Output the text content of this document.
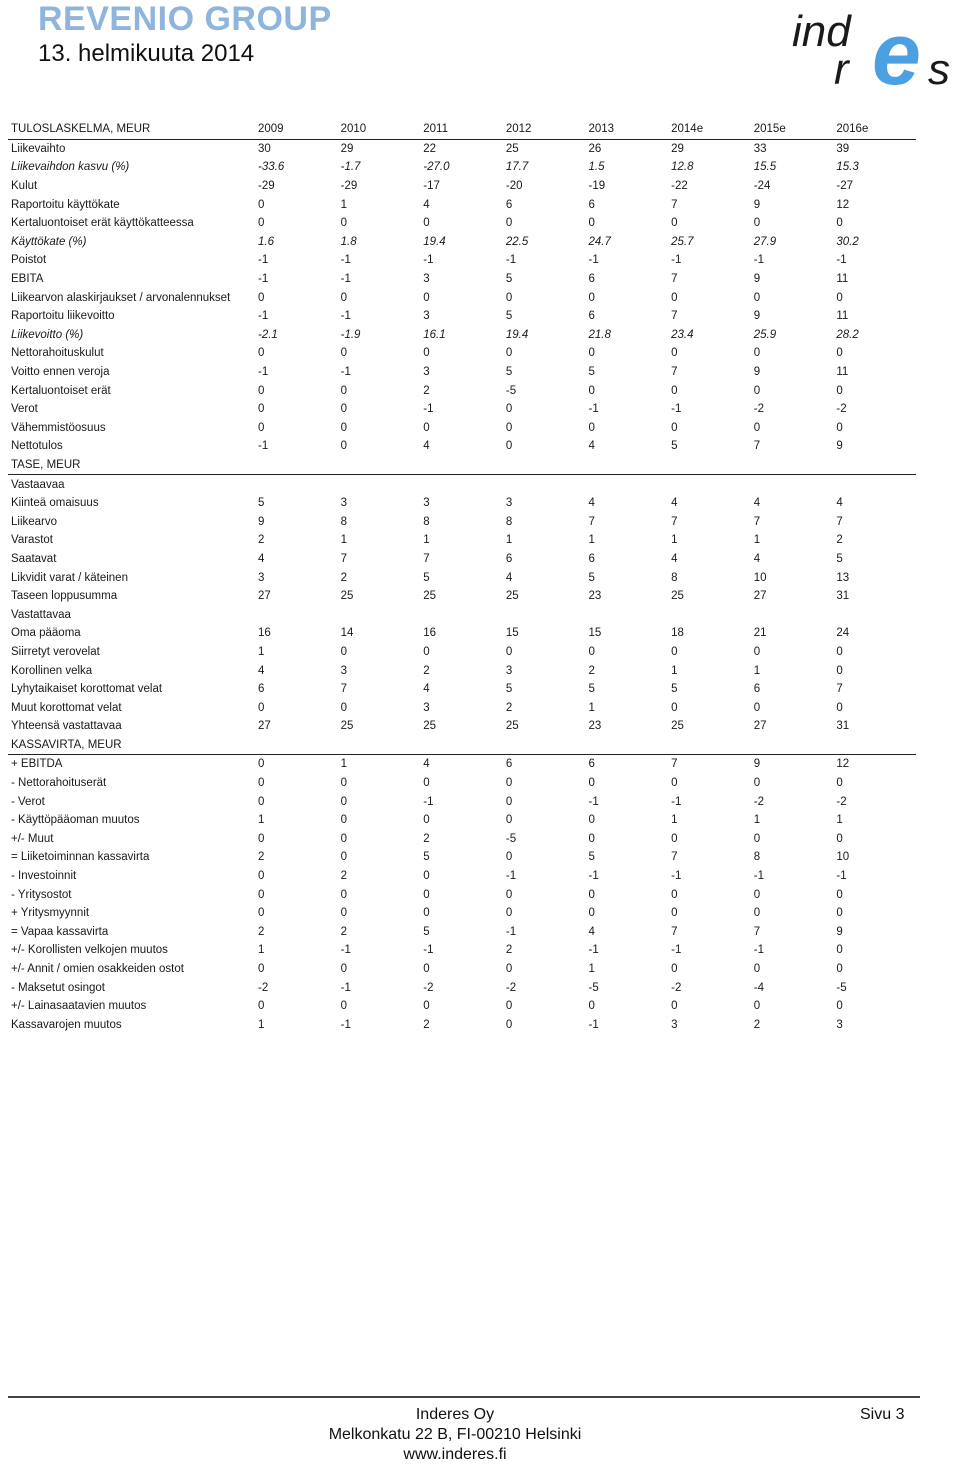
REVENIO GROUP
13. helmikuuta 2014	ind
r e s
TULOSLASKELMA, MEUR	2009	2010	2011	2012	2013	2014e	2015e	2016e
Liikevaihto	30	29	22	25	26	29	33	39
Liikevaihdon kasvu (%)	-33.6	-1.7	-27.0	17.7	1.5	12.8	15.5	15.3
Kulut	-29	-29	-17	-20	-19	-22	-24	-27
Raportoitu käyttökate	0	1	4	6	6	7	9	12
Kertaluontoiset erät käyttökatteessa	0	0	0	0	0	0	0	0
Käyttökate (%)	1.6	1.8	19.4	22.5	24.7	25.7	27.9	30.2
Poistot	-1	-1	-1	-1	-1	-1	-1	-1
EBITA	-1	-1	3	5	6	7	9	11
Liikearvon alaskirjaukset / arvonalennukset	0	0	0	0	0	0	0	0
Raportoitu liikevoitto	-1	-1	3	5	6	7	9	11
Liikevoitto (%)	-2.1	-1.9	16.1	19.4	21.8	23.4	25.9	28.2
Nettorahoituskulut	0	0	0	0	0	0	0	0
Voitto ennen veroja	-1	-1	3	5	5	7	9	11
Kertaluontoiset erät	0	0	2	-5	0	0	0	0
Verot	0	0	-1	0	-1	-1	-2	-2
Vähemmistöosuus	0	0	0	0	0	0	0	0
Nettotulos	-1	0	4	0	4	5	7	9
TASE, MEUR								
Vastaavaa								
Kiinteä omaisuus	5	3	3	3	4	4	4	4
Liikearvo	9	8	8	8	7	7	7	7
Varastot	2	1	1	1	1	1	1	2
Saatavat	4	7	7	6	6	4	4	5
Likvidit varat / käteinen	3	2	5	4	5	8	10	13
Taseen loppusumma	27	25	25	25	23	25	27	31
Vastattavaa								
Oma pääoma	16	14	16	15	15	18	21	24
Siirretyt verovelat	1	0	0	0	0	0	0	0
Korollinen velka	4	3	2	3	2	1	1	0
Lyhytaikaiset korottomat velat	6	7	4	5	5	5	6	7
Muut korottomat velat	0	0	3	2	1	0	0	0
Yhteensä vastattavaa	27	25	25	25	23	25	27	31
KASSAVIRTA, MEUR								
+ EBITDA	0	1	4	6	6	7	9	12
- Nettorahoituserät	0	0	0	0	0	0	0	0
- Verot	0	0	-1	0	-1	-1	-2	-2
- Käyttöpääoman muutos	1	0	0	0	0	1	1	1
+/- Muut	0	0	2	-5	0	0	0	0
= Liiketoiminnan kassavirta	2	0	5	0	5	7	8	10
- Investoinnit	0	2	0	-1	-1	-1	-1	-1
- Yritysostot	0	0	0	0	0	0	0	0
+ Yritysmyynnit	0	0	0	0	0	0	0	0
= Vapaa kassavirta	2	2	5	-1	4	7	7	9
+/- Korollisten velkojen muutos	1	-1	-1	2	-1	-1	-1	0
+/- Annit / omien osakkeiden ostot	0	0	0	0	1	0	0	0
- Maksetut osingot	-2	-1	-2	-2	-5	-2	-4	-5
+/- Lainasaatavien muutos	0	0	0	0	0	0	0	0
Kassavarojen muutos	1	-1	2	0	-1	3	2	3
Inderes Oy
Melkonkatu 22 B, FI-00210 Helsinki
www.inderes.fi
Sivu 3
